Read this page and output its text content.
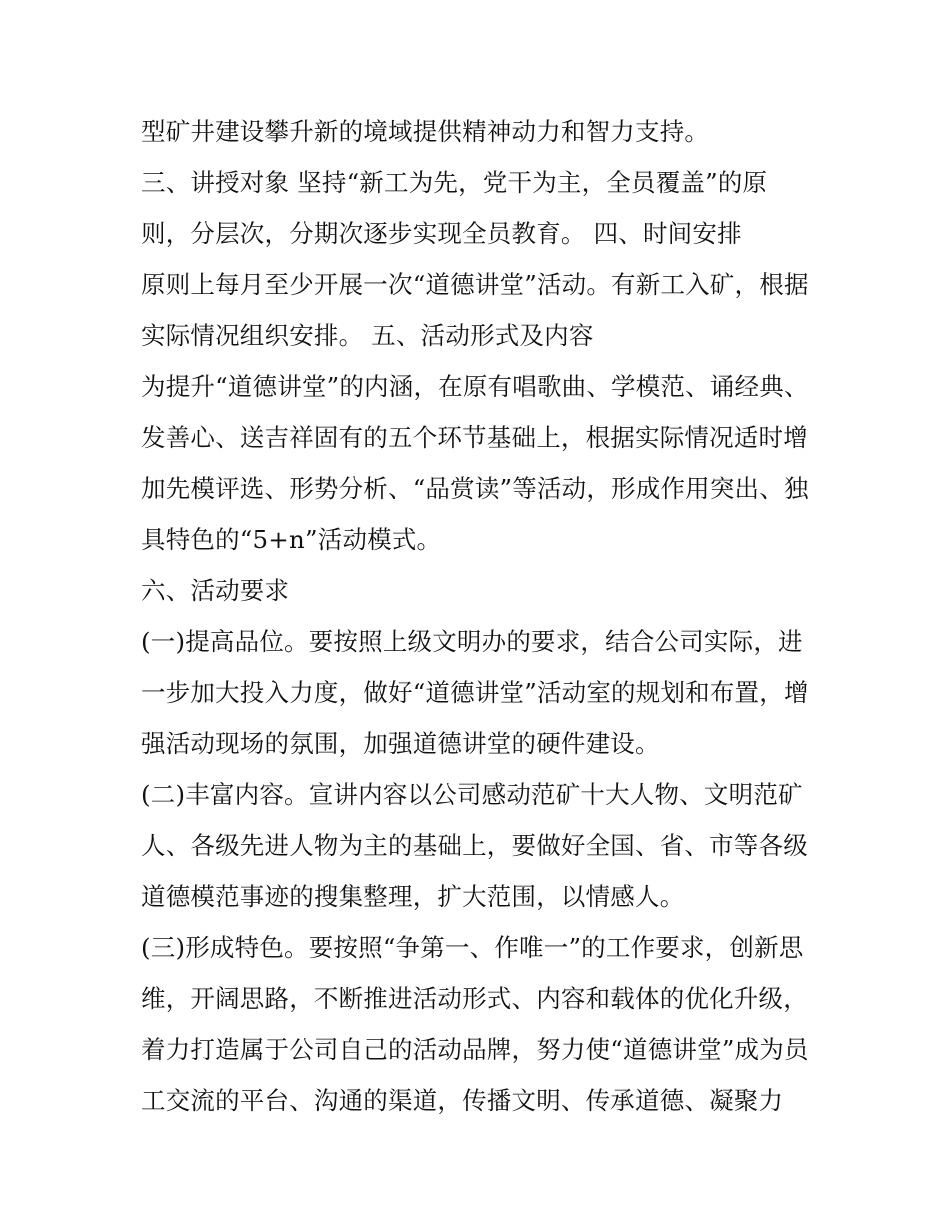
型矿井建设攀升新的境域提供精神动力和智力支持。
三、讲授对象 坚持“新工为先，党干为主，全员覆盖”的原
则，分层次，分期次逐步实现全员教育。 四、时间安排
原则上每月至少开展一次“道德讲堂”活动。有新工入矿，根据
实际情况组织安排。 五、活动形式及内容
为提升“道德讲堂”的内涵，在原有唱歌曲、学模范、诵经典、
发善心、送吉祥固有的五个环节基础上，根据实际情况适时增
加先模评选、形势分析、“品赏读”等活动，形成作用突出、独
具特色的“5+n”活动模式。
六、活动要求
(一)提高品位。要按照上级文明办的要求，结合公司实际，进
一步加大投入力度，做好“道德讲堂”活动室的规划和布置，增
强活动现场的氛围，加强道德讲堂的硬件建设。
(二)丰富内容。宣讲内容以公司感动范矿十大人物、文明范矿
人、各级先进人物为主的基础上，要做好全国、省、市等各级
道德模范事迹的搜集整理，扩大范围，以情感人。
(三)形成特色。要按照“争第一、作唯一”的工作要求，创新思
维，开阔思路，不断推进活动形式、内容和载体的优化升级，
着力打造属于公司自己的活动品牌，努力使“道德讲堂”成为员
工交流的平台、沟通的渠道，传播文明、传承道德、凝聚力
